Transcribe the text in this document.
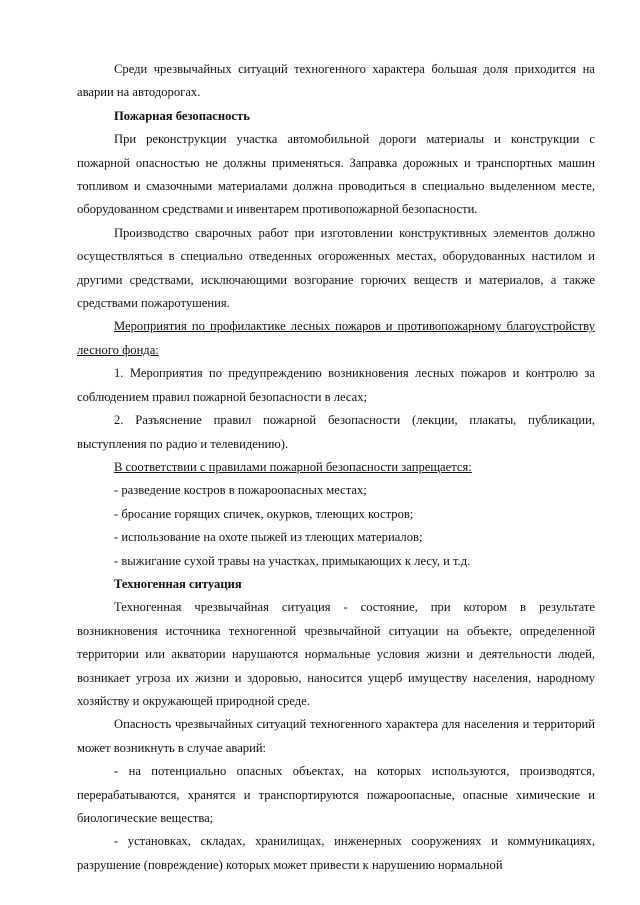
Среди чрезвычайных ситуаций техногенного характера большая доля приходится на аварии на автодорогах.

Пожарная безопасность

При реконструкции участка автомобильной дороги материалы и конструкции с пожарной опасностью не должны применяться. Заправка дорожных и транспортных машин топливом и смазочными материалами должна проводиться в специально выделенном месте, оборудованном средствами и инвентарем противопожарной безопасности.

Производство сварочных работ при изготовлении конструктивных элементов должно осуществляться в специально отведенных огороженных местах, оборудованных настилом и другими средствами, исключающими возгорание горючих веществ и материалов, а также средствами пожаротушения.

Мероприятия по профилактике лесных пожаров и противопожарному благоустройству лесного фонда:

1. Мероприятия по предупреждению возникновения лесных пожаров и контролю за соблюдением правил пожарной безопасности в лесах;

2. Разъяснение правил пожарной безопасности (лекции, плакаты, публикации, выступления по радио и телевидению).

В соответствии с правилами пожарной безопасности запрещается:

- разведение костров в пожароопасных местах;

- бросание горящих спичек, окурков, тлеющих костров;

- использование на охоте пыжей из тлеющих материалов;

- выжигание сухой травы на участках, примыкающих к лесу, и т.д.

Техногенная ситуация

Техногенная чрезвычайная ситуация - состояние, при котором в результате возникновения источника техногенной чрезвычайной ситуации на объекте, определенной территории или акватории нарушаются нормальные условия жизни и деятельности людей, возникает угроза их жизни и здоровью, наносится ущерб имуществу населения, народному хозяйству и окружающей природной среде.

Опасность чрезвычайных ситуаций техногенного характера для населения и территорий может возникнуть в случае аварий:

- на потенциально опасных объектах, на которых используются, производятся, перерабатываются, хранятся и транспортируются пожароопасные, опасные химические и биологические вещества;

- установках, складах, хранилищах, инженерных сооружениях и коммуникациях, разрушение (повреждение) которых может привести к нарушению нормальной
